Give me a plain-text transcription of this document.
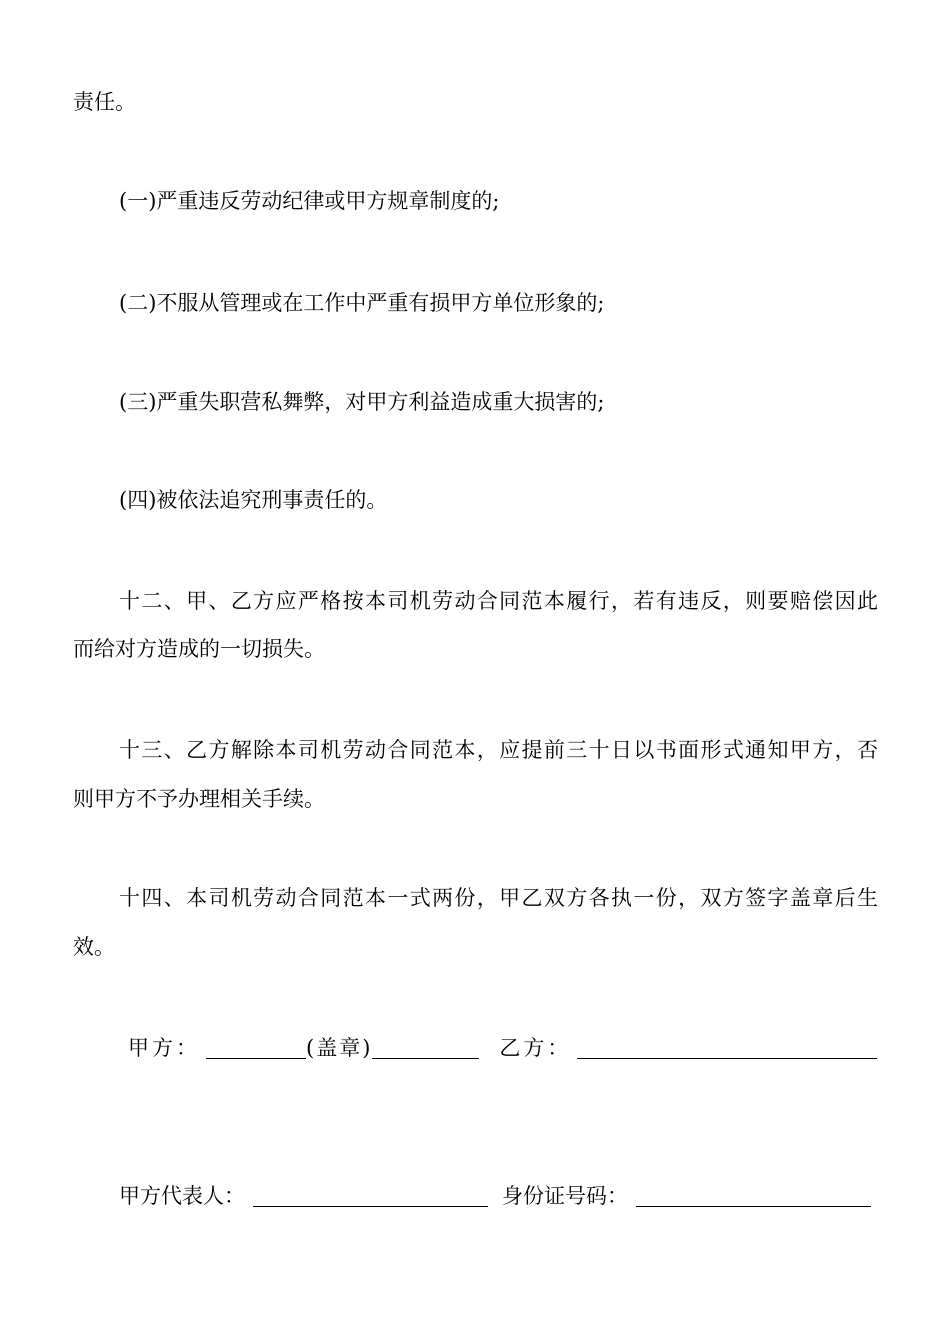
责任。
(一)严重违反劳动纪律或甲方规章制度的;
(二)不服从管理或在工作中严重有损甲方单位形象的;
(三)严重失职营私舞弊，对甲方利益造成重大损害的;
(四)被依法追究刑事责任的。
十二、甲、乙方应严格按本司机劳动合同范本履行，若有违反，则要赔偿因此
而给对方造成的一切损失。
十三、乙方解除本司机劳动合同范本，应提前三十日以书面形式通知甲方，否
则甲方不予办理相关手续。
十四、本司机劳动合同范本一式两份，甲乙双方各执一份，双方签字盖章后生
效。
甲方：	(盖章)	乙方：
甲方代表人：	身份证号码：
